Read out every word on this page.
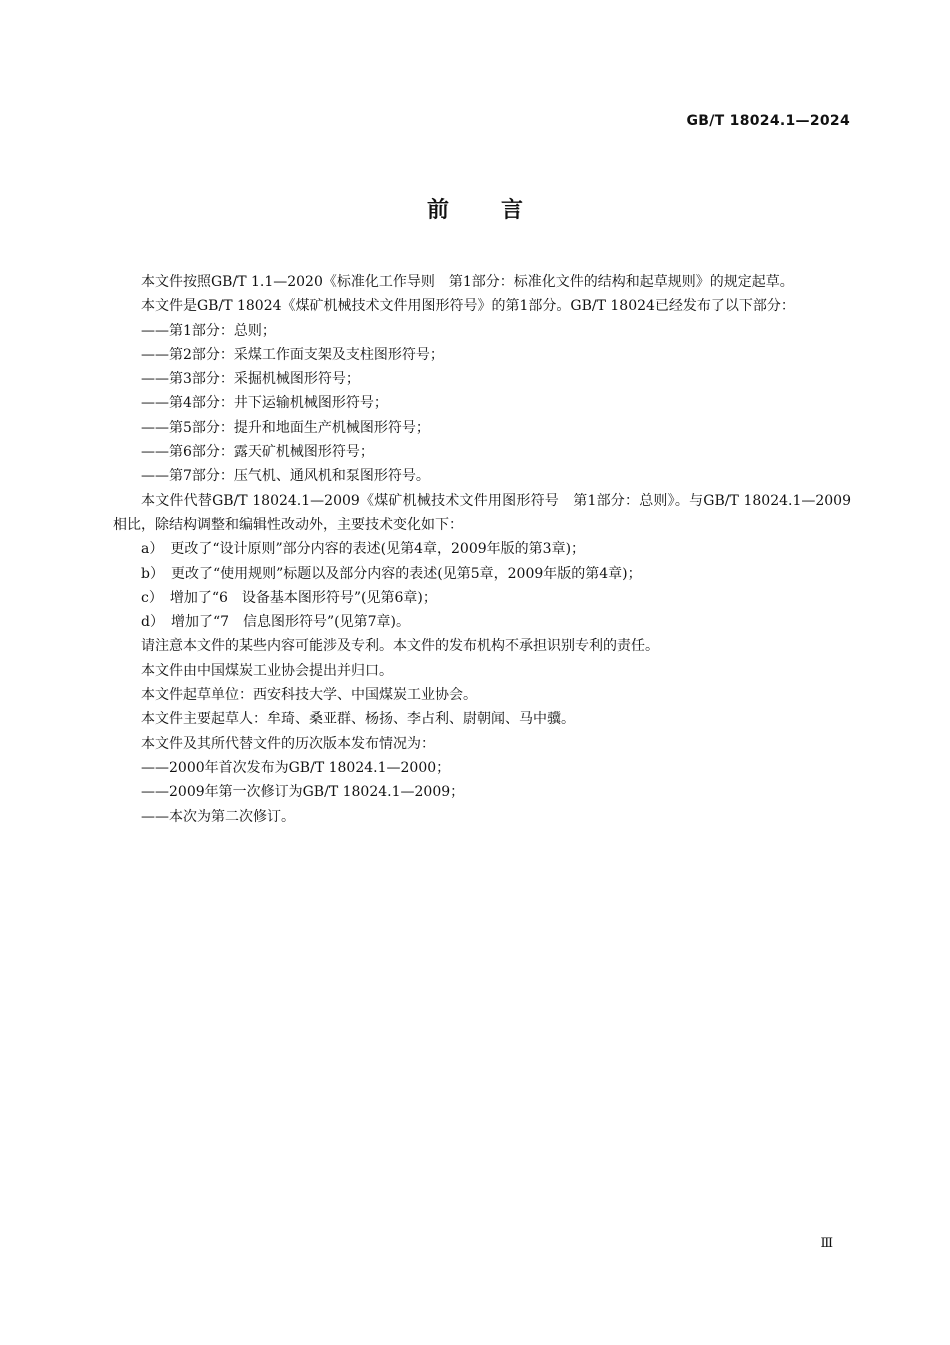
GB/T 18024.1—2024
前言

本文件按照GB/T 1.1—2020《标准化工作导则　第1部分：标准化文件的结构和起草规则》的规定起草。

本文件是GB/T 18024《煤矿机械技术文件用图形符号》的第1部分。GB/T 18024已经发布了以下部分：

——第1部分：总则；

——第2部分：采煤工作面支架及支柱图形符号；

——第3部分：采掘机械图形符号；

——第4部分：井下运输机械图形符号；

——第5部分：提升和地面生产机械图形符号；

——第6部分：露天矿机械图形符号；

——第7部分：压气机、通风机和泵图形符号。

本文件代替GB/T 18024.1—2009《煤矿机械技术文件用图形符号　第1部分：总则》。与GB/T 18024.1—2009相比，除结构调整和编辑性改动外，主要技术变化如下：

a）　更改了“设计原则”部分内容的表述(见第4章，2009年版的第3章)；

b）　更改了“使用规则”标题以及部分内容的表述(见第5章，2009年版的第4章)；

c）　增加了“6　设备基本图形符号”(见第6章)；

d）　增加了“7　信息图形符号”(见第7章)。

请注意本文件的某些内容可能涉及专利。本文件的发布机构不承担识别专利的责任。

本文件由中国煤炭工业协会提出并归口。

本文件起草单位：西安科技大学、中国煤炭工业协会。

本文件主要起草人：牟琦、桑亚群、杨扬、李占利、尉朝闻、马中骥。

本文件及其所代替文件的历次版本发布情况为：

——2000年首次发布为GB/T 18024.1—2000；

——2009年第一次修订为GB/T 18024.1—2009；

——本次为第二次修订。

Ⅲ
